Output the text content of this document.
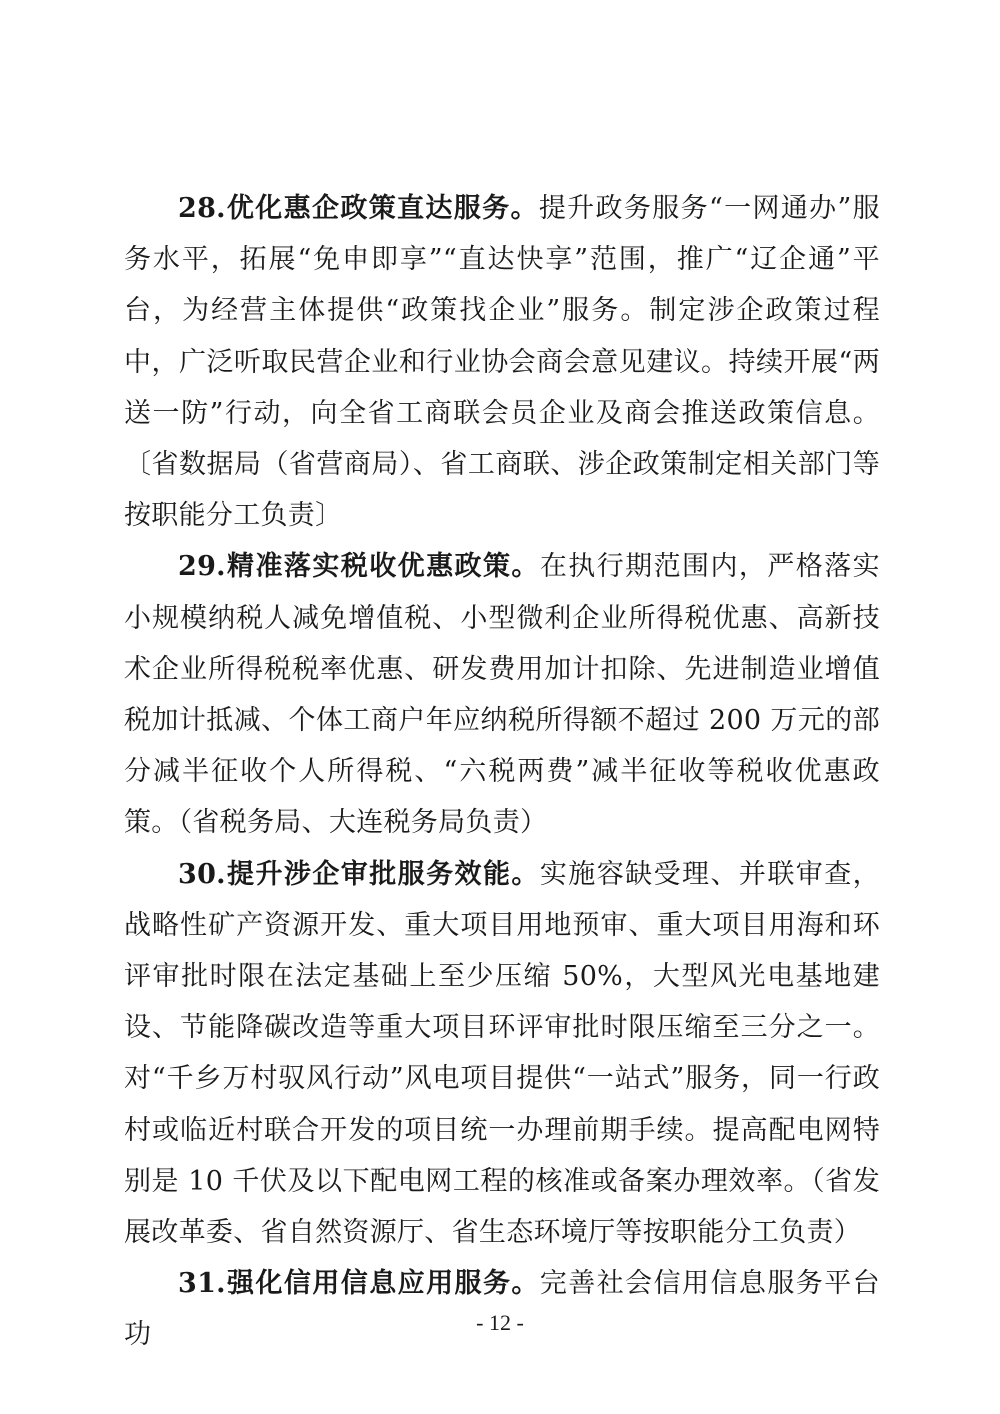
28.优化惠企政策直达服务。提升政务服务“一网通办”服务水平，拓展“免申即享”“直达快享”范围，推广“辽企通”平台，为经营主体提供“政策找企业”服务。制定涉企政策过程中，广泛听取民营企业和行业协会商会意见建议。持续开展“两送一防”行动，向全省工商联会员企业及商会推送政策信息。〔省数据局（省营商局）、省工商联、涉企政策制定相关部门等按职能分工负责〕

29.精准落实税收优惠政策。在执行期范围内，严格落实小规模纳税人减免增值税、小型微利企业所得税优惠、高新技术企业所得税税率优惠、研发费用加计扣除、先进制造业增值税加计抵减、个体工商户年应纳税所得额不超过 200 万元的部分减半征收个人所得税、“六税两费”减半征收等税收优惠政策。（省税务局、大连税务局负责）

30.提升涉企审批服务效能。实施容缺受理、并联审查，战略性矿产资源开发、重大项目用地预审、重大项目用海和环评审批时限在法定基础上至少压缩 50%，大型风光电基地建设、节能降碳改造等重大项目环评审批时限压缩至三分之一。对“千乡万村驭风行动”风电项目提供“一站式”服务，同一行政村或临近村联合开发的项目统一办理前期手续。提高配电网特别是 10 千伏及以下配电网工程的核准或备案办理效率。（省发展改革委、省自然资源厅、省生态环境厅等按职能分工负责）

31.强化信用信息应用服务。完善社会信用信息服务平台功	- 12 -
